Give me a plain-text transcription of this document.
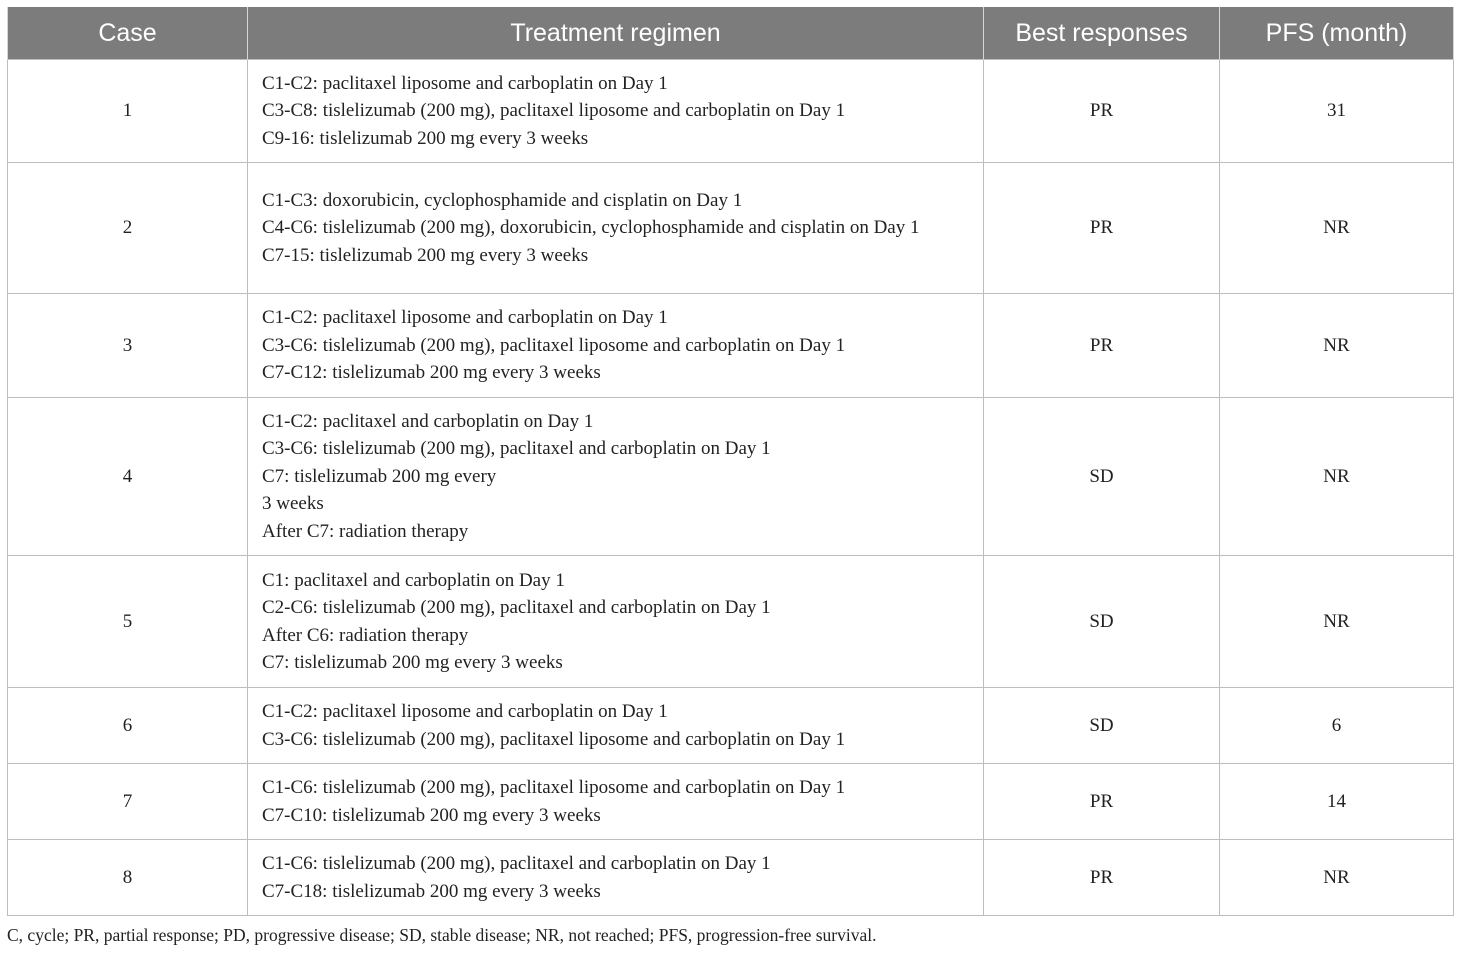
Case	Treatment regimen	Best responses	PFS (month)
1	C1-C2: paclitaxel liposome and carboplatin on Day 1
C3-C8: tislelizumab (200 mg), paclitaxel liposome and carboplatin on Day 1
C9-16: tislelizumab 200 mg every 3 weeks	PR	31
2	C1-C3: doxorubicin, cyclophosphamide and cisplatin on Day 1
C4-C6: tislelizumab (200 mg), doxorubicin, cyclophosphamide and cisplatin on Day 1
C7-15: tislelizumab 200 mg every 3 weeks	PR	NR
3	C1-C2: paclitaxel liposome and carboplatin on Day 1
C3-C6: tislelizumab (200 mg), paclitaxel liposome and carboplatin on Day 1
C7-C12: tislelizumab 200 mg every 3 weeks	PR	NR
4	C1-C2: paclitaxel and carboplatin on Day 1
C3-C6: tislelizumab (200 mg), paclitaxel and carboplatin on Day 1
C7: tislelizumab 200 mg every
3 weeks
After C7: radiation therapy	SD	NR
5	C1: paclitaxel and carboplatin on Day 1
C2-C6: tislelizumab (200 mg), paclitaxel and carboplatin on Day 1
After C6: radiation therapy
C7: tislelizumab 200 mg every 3 weeks	SD	NR
6	C1-C2: paclitaxel liposome and carboplatin on Day 1
C3-C6: tislelizumab (200 mg), paclitaxel liposome and carboplatin on Day 1	SD	6
7	C1-C6: tislelizumab (200 mg), paclitaxel liposome and carboplatin on Day 1
C7-C10: tislelizumab 200 mg every 3 weeks	PR	14
8	C1-C6: tislelizumab (200 mg), paclitaxel and carboplatin on Day 1
C7-C18: tislelizumab 200 mg every 3 weeks	PR	NR
C, cycle; PR, partial response; PD, progressive disease; SD, stable disease; NR, not reached; PFS, progression-free survival.
